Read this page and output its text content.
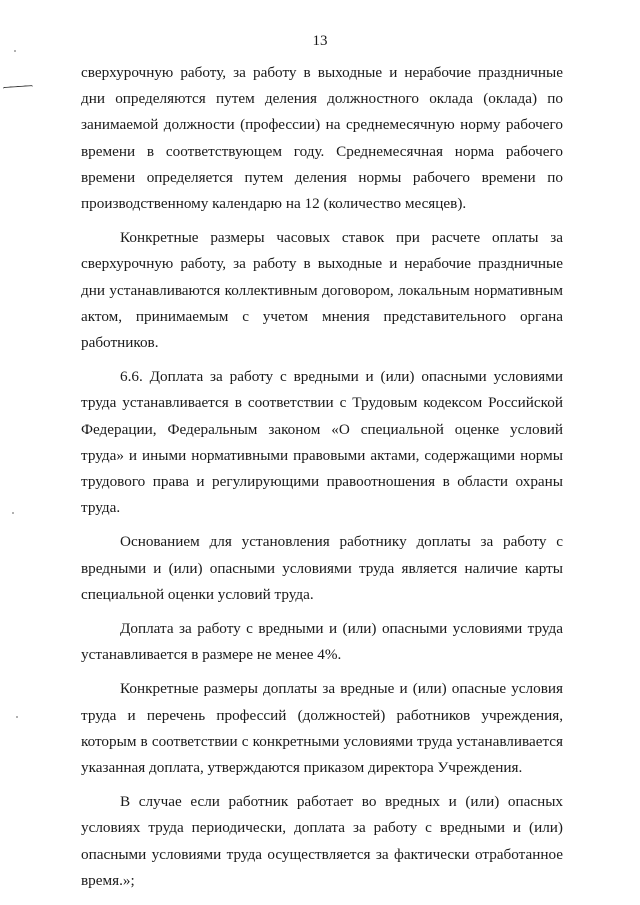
13

сверхурочную работу, за работу в выходные и нерабочие праздничные дни определяются путем деления должностного оклада (оклада) по занимаемой должности (профессии) на среднемесячную норму рабочего времени в соответствующем году. Среднемесячная норма рабочего времени определяется путем деления нормы рабочего времени по производственному календарю на 12 (количество месяцев).

Конкретные размеры часовых ставок при расчете оплаты за сверхурочную работу, за работу в выходные и нерабочие праздничные дни устанавливаются коллективным договором, локальным нормативным актом, принимаемым с учетом мнения представительного органа работников.

6.6. Доплата за работу с вредными и (или) опасными условиями труда устанавливается в соответствии с Трудовым кодексом Российской Федерации, Федеральным законом «О специальной оценке условий труда» и иными нормативными правовыми актами, содержащими нормы трудового права и регулирующими правоотношения в области охраны труда.

Основанием для установления работнику доплаты за работу с вредными и (или) опасными условиями труда является наличие карты специальной оценки условий труда.

Доплата за работу с вредными и (или) опасными условиями труда устанавливается в размере не менее 4%.

Конкретные размеры доплаты за вредные и (или) опасные условия труда и перечень профессий (должностей) работников учреждения, которым в соответствии с конкретными условиями труда устанавливается указанная доплата, утверждаются приказом директора Учреждения.

В случае если работник работает во вредных и (или) опасных условиях труда периодически, доплата за работу с вредными и (или) опасными условиями труда осуществляется за фактически отработанное время.»;
